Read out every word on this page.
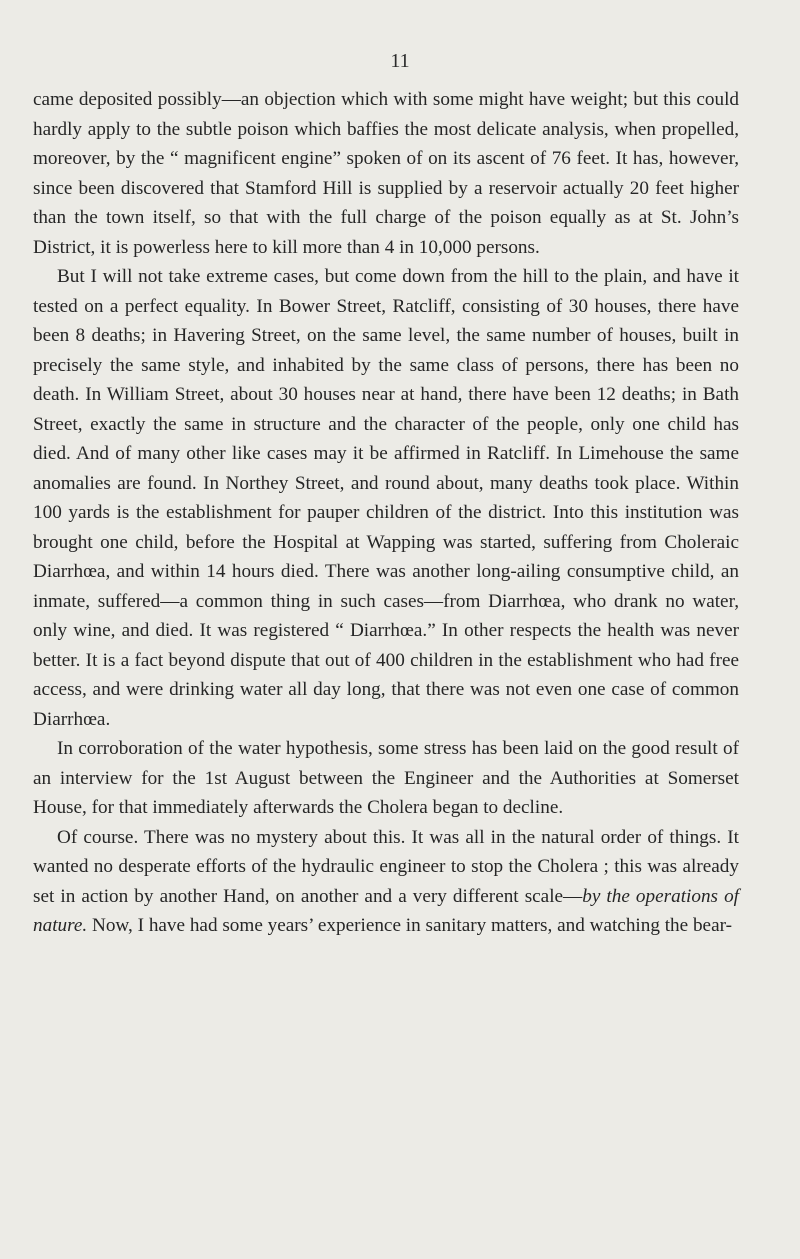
11

came deposited possibly—an objection which with some might have weight; but this could hardly apply to the subtle poison which baffies the most delicate analysis, when propelled, moreover, by the “ magnificent engine” spoken of on its ascent of 76 feet. It has, however, since been discovered that Stamford Hill is supplied by a reservoir actually 20 feet higher than the town itself, so that with the full charge of the poison equally as at St. John’s District, it is powerless here to kill more than 4 in 10,000 persons.

But I will not take extreme cases, but come down from the hill to the plain, and have it tested on a perfect equality. In Bower Street, Ratcliff, consisting of 30 houses, there have been 8 deaths; in Havering Street, on the same level, the same number of houses, built in precisely the same style, and inhabited by the same class of persons, there has been no death. In William Street, about 30 houses near at hand, there have been 12 deaths; in Bath Street, exactly the same in structure and the character of the people, only one child has died. And of many other like cases may it be affirmed in Ratcliff. In Limehouse the same anomalies are found. In Northey Street, and round about, many deaths took place. Within 100 yards is the establishment for pauper children of the district. Into this institution was brought one child, before the Hospital at Wapping was started, suffering from Choleraic Diarrhœa, and within 14 hours died. There was another long-ailing consumptive child, an inmate, suffered—a common thing in such cases—from Diarrhœa, who drank no water, only wine, and died. It was registered “ Diarrhœa.” In other respects the health was never better. It is a fact beyond dispute that out of 400 children in the establishment who had free access, and were drinking water all day long, that there was not even one case of common Diarrhœa.

In corroboration of the water hypothesis, some stress has been laid on the good result of an interview for the 1st August between the Engineer and the Authorities at Somerset House, for that immediately afterwards the Cholera began to decline.

Of course. There was no mystery about this. It was all in the natural order of things. It wanted no desperate efforts of the hydraulic engineer to stop the Cholera ; this was already set in action by another Hand, on another and a very different scale—by the operations of nature. Now, I have had some years’ experience in sanitary matters, and watching the bear-
